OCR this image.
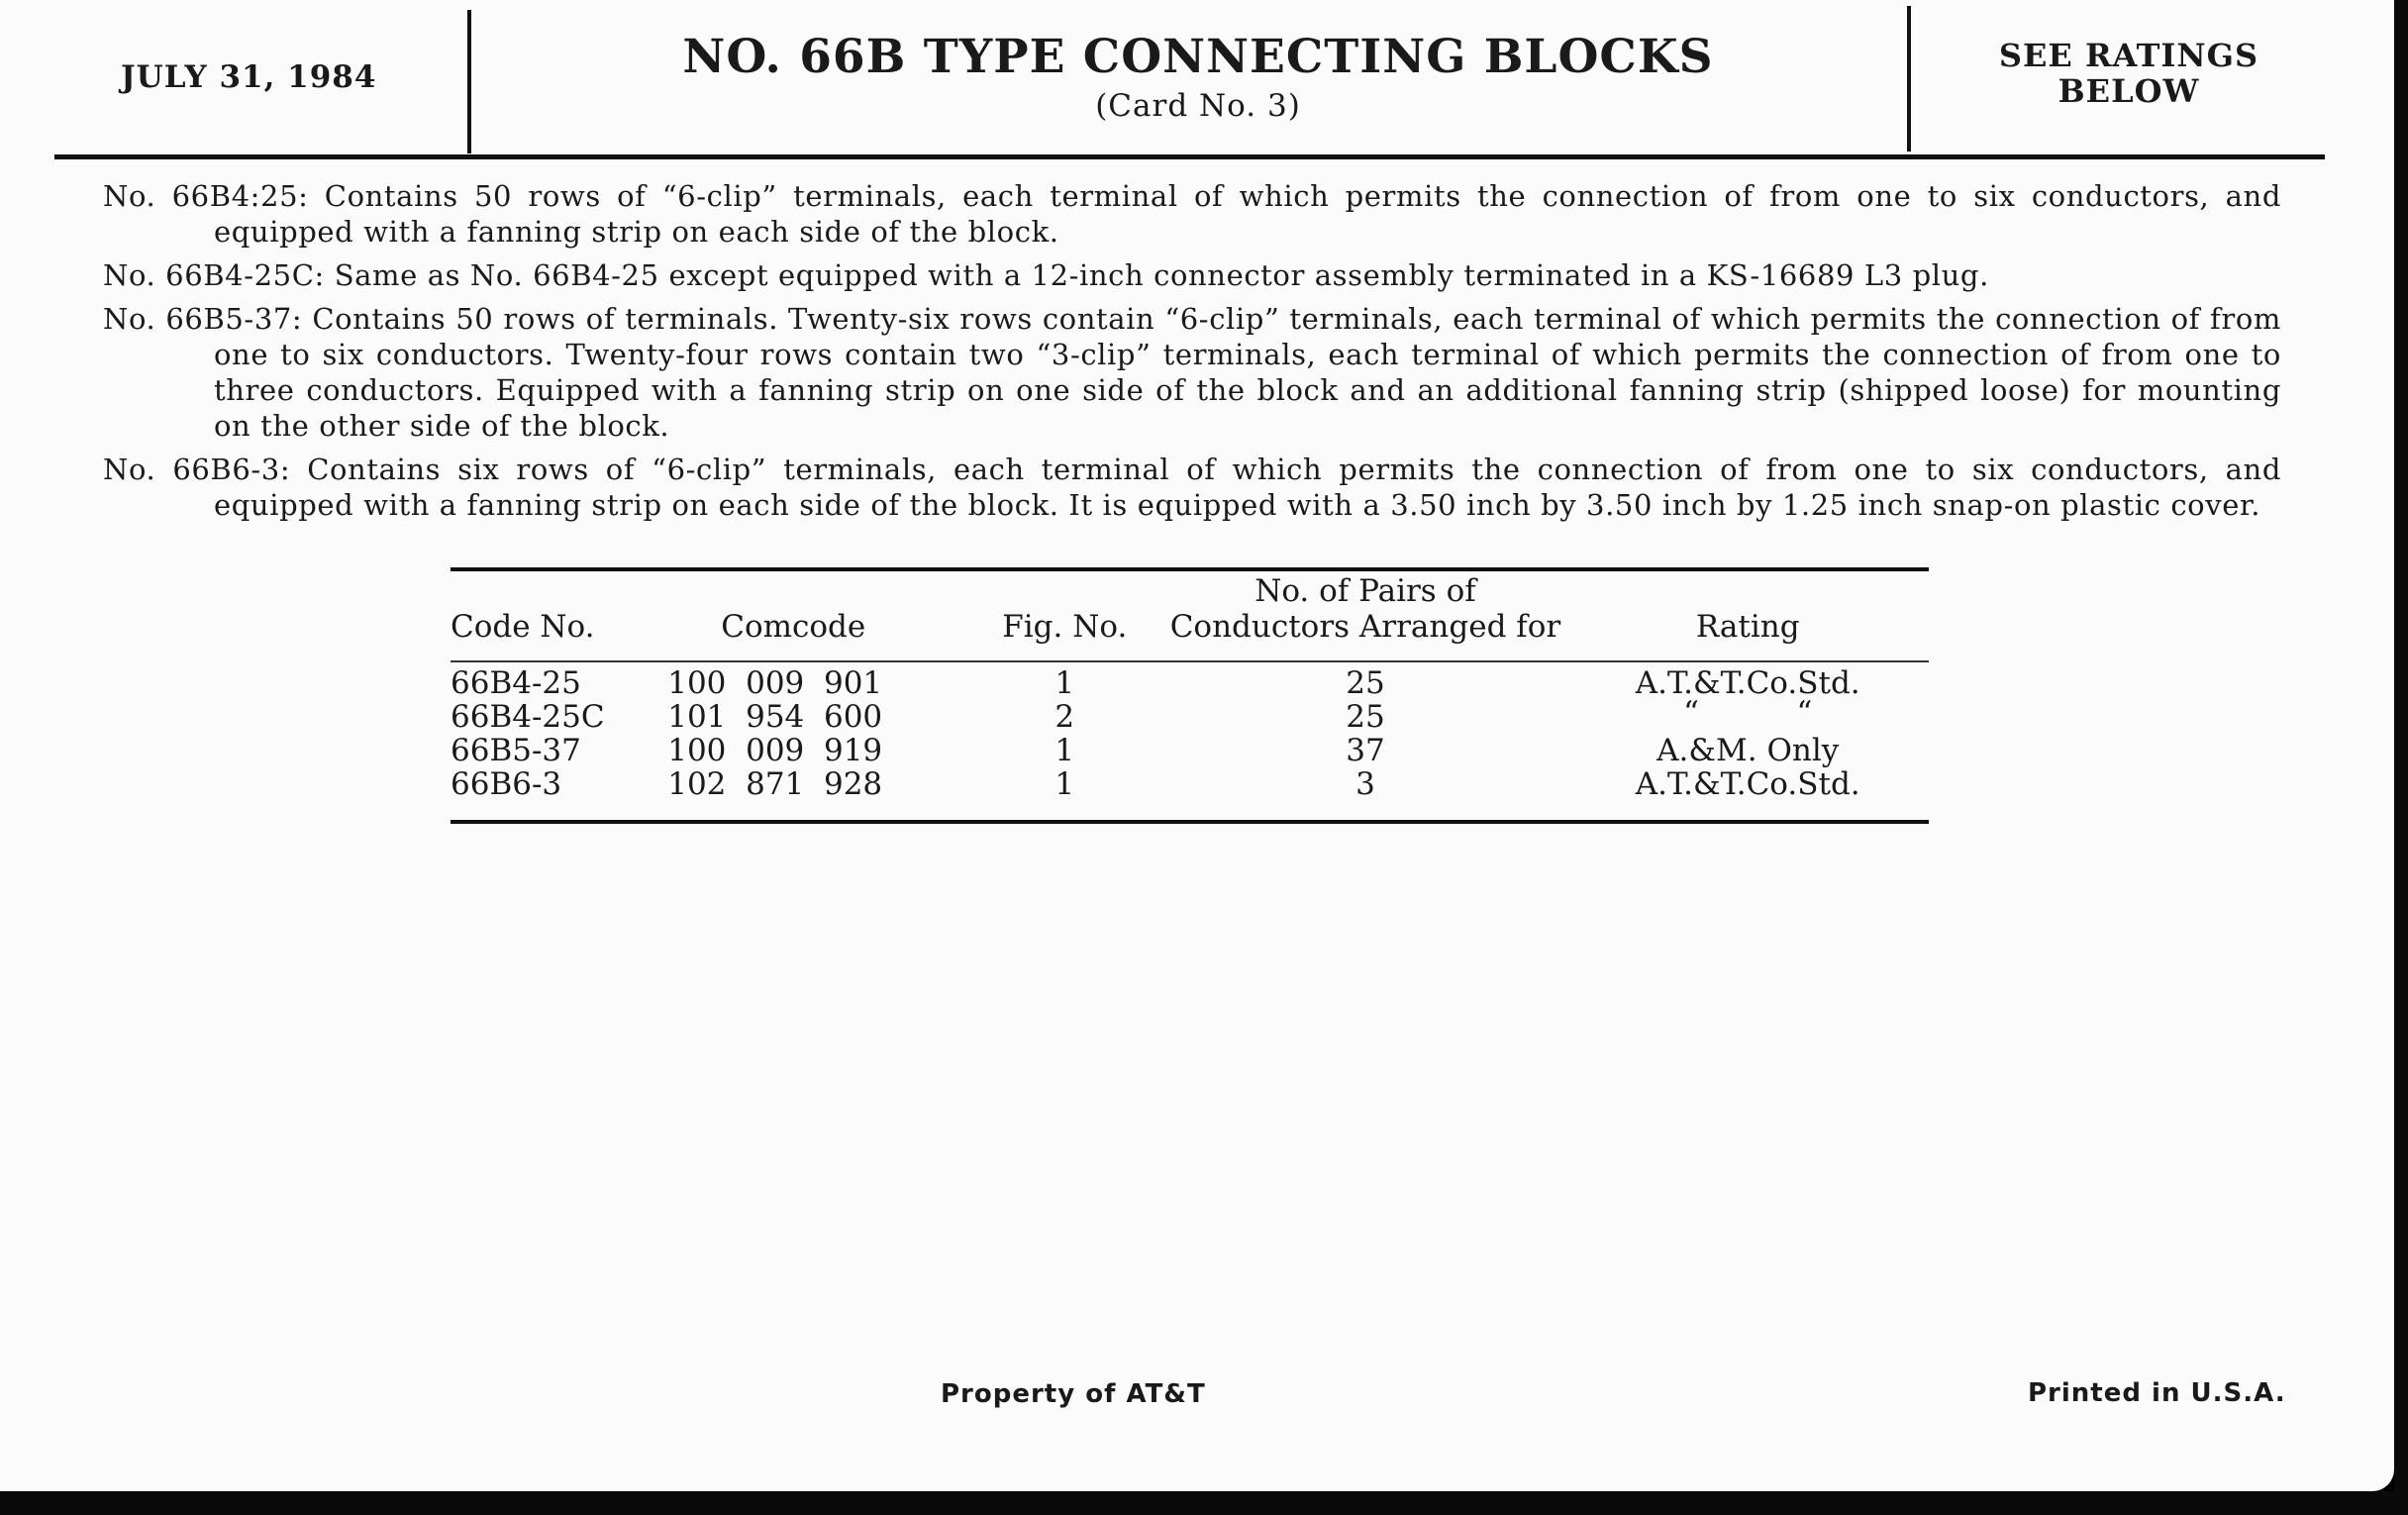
JULY 31, 1984	NO. 66B TYPE CONNECTING BLOCKS
(Card No. 3)
SEE RATINGS
BELOW
No. 66B4:25: Contains 50 rows of “6-clip” terminals, each terminal of which permits the connection of from one to six conductors, and equipped with a fanning strip on each side of the block.
No. 66B4-25C: Same as No. 66B4-25 except equipped with a 12-inch connector assembly terminated in a KS-16689 L3 plug.
No. 66B5-37: Contains 50 rows of terminals. Twenty-six rows contain “6-clip” terminals, each terminal of which permits the connection of from one to six conductors. Twenty-four rows contain two “3-clip” terminals, each terminal of which permits the connection of from one to three conductors. Equipped with a fanning strip on one side of the block and an additional fanning strip (shipped loose) for mounting on the other side of the block.
No. 66B6-3: Contains six rows of “6-clip” terminals, each terminal of which permits the connection of from one to six conductors, and equipped with a fanning strip on each side of the block. It is equipped with a 3.50 inch by 3.50 inch by 1.25 inch snap-on plastic cover.
Code No.	Comcode	Fig. No.	No. of Pairs of
Conductors Arranged for	Rating
66B4-25	100  009  901	1	25	A.T.&T.Co.Std.
66B4-25C	101  954  600	2	25	“          “
66B5-37	100  009  919	1	37	A.&M. Only
66B6-3	102  871  928	1	3	A.T.&T.Co.Std.
Property of AT&T	Printed in U.S.A.
